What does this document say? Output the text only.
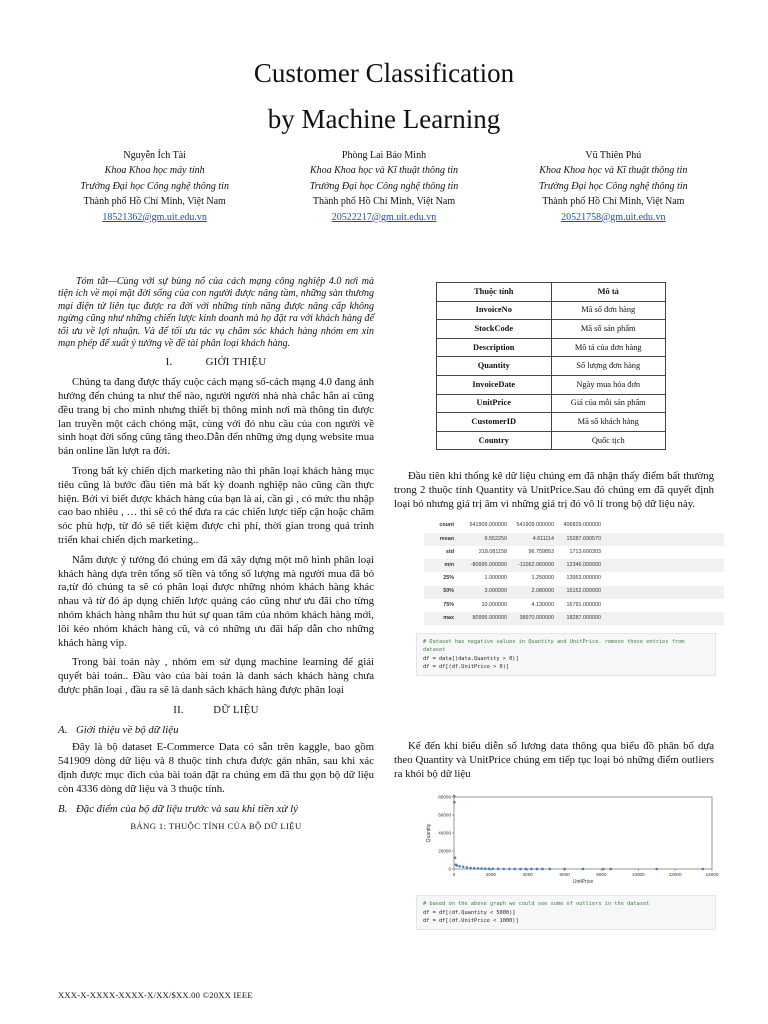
Customer Classification
by Machine Learning
Nguyễn Ích Tài
Khoa Khoa học máy tính
Trường Đại học Công nghệ thông tin
Thành phố Hồ Chí Minh, Việt Nam
18521362@gm.uit.edu.vn
Phòng Lai Bảo Minh
Khoa Khoa học và Kĩ thuật thông tin
Trường Đại học Công nghệ thông tin
Thành phố Hồ Chí Minh, Việt Nam
20522217@gm.uit.edu.vn
Vũ Thiên Phú
Khoa Khoa học và Kĩ thuật thông tin
Trường Đại học Công nghệ thông tin
Thành phố Hồ Chí Minh, Việt Nam
20521758@gm.uit.edu.vn

Tóm tắt—Cùng với sự bùng nổ của cách mạng công nghiệp 4.0 nơi mà tiện ích về mọi mặt đời sống của con người được nâng tầm, những sàn thương mại điện tử liên tục được ra đời với những tính năng được nâng cấp không ngừng cũng như những chiến lược kinh doanh mà họ đặt ra với khách hàng để tối ưu về lợi nhuận. Và để tối ưu tác vụ chăm sóc khách hàng nhóm em xin mạn phép để xuất ý tưởng về đề tài phân loại khách hàng.

I.	GIỚI THIỆU

Chúng ta đang được thấy cuộc cách mạng số-cách mạng 4.0 đang ảnh hưởng đến chúng ta như thế nào, người người nhà nhà chắc hẳn ai cũng đều trang bị cho mình nhưng thiết bị thông minh nơi mà thông tin được lan truyền một cách chóng mặt, cùng với đó nhu cầu của con người về sinh hoạt đời sống cũng tăng theo.Dẫn đến những ứng dụng website mua bán online lần lượt ra đời.

Trong bất kỳ chiến dịch marketing nào thì phân loại khách hàng mục tiêu cũng là bước đầu tiên mà bất kỳ doanh nghiệp nào cũng cần thực hiện. Bởi vì biết được khách hàng của bạn là ai, cần gì , có mức thu nhập cao bao nhiêu , … thì sẽ có thể đưa ra các chiến lược tiếp cận hoặc chăm sóc phù hợp, từ đó sẽ tiết kiệm được chi phí, thời gian trong quá trình triển khai chiến dịch marketing..

Nắm được ý tưởng đó chúng em đã xây dựng một mô hình phân loại khách hàng dựa trên tổng số tiền và tổng số lượng mà người mua đã bỏ ra,từ đó chúng ta sẽ có phân loại được những nhóm khách hàng khác nhau và từ đó áp dụng chiến lược quảng cáo cũng như ưu đãi cho từng nhóm khách hàng nhằm thu hút sự quan tâm của nhóm khách hàng mới, lôi kéo nhóm khách hàng cũ, và có những ưu đãi hấp dẫn cho những khách hàng vip.

Trong bài toán này , nhóm em sử dụng machine learning để giải quyết bài toán.. Đầu vào của bài toán là danh sách khách hàng chưa được phân loại , đầu ra sẽ là danh sách khách hàng được phân loại

II.	DỮ LIỆU
A. Giới thiệu về bộ dữ liệu

Đây là bộ dataset E-Commerce Data có sẵn trên kaggle, bao gồm 541909 dòng dữ liệu và 8 thuộc tính chưa được gán nhãn, sau khi xác định được mục đích của bài toán đặt ra chúng em đã thu gọn bộ dữ liệu còn 4336 dòng dữ liệu và 3 thuộc tính.

B. Đặc điểm của bộ dữ liệu trước và sau khi tiền xử lý
BẢNG 1: THUỘC TÍNH CỦA BỘ DỮ LIỆU
Thuộc tính	Mô tả
InvoiceNo	Mã số đơn hàng
StockCode	Mã số sản phẩm
Description	Mô tả của đơn hàng
Quantity	Số lượng đơn hàng
InvoiceDate	Ngày mua hóa đơn
UnitPrice	Giá của mỗi sản phẩm
CustomerID	Mã số khách hàng
Country	Quốc tịch

Đầu tiên khi thống kê dữ liệu chúng em đã nhận thấy điểm bất thường trong 2 thuộc tính Quantity và UnitPrice.Sau đó chúng em đã quyết định loại bỏ nhưng giá trị âm vì những giá trị đó vô lí trong bộ dữ liệu này.

count	541909.000000	541909.000000	406829.000000
mean	9.552250	4.611114	15287.690570
std	218.081158	96.759853	1713.600303
min	-80995.000000	-11062.060000	12346.000000
25%	1.000000	1.250000	13953.000000
50%	3.000000	2.080000	15152.000000
75%	10.000000	4.130000	16791.000000
max	80995.000000	38970.000000	18287.000000
# Dataset has negative values in Quantity and UnitPrice. remove those entries from dataset
df = data[(data.Quantity > 0)]
df = df[(df.UnitPrice > 0)]

Kế đến khi biểu diễn số lương data thông qua biểu đồ phân bố dựa theo Quantity và UnitPrice chúng em tiếp tục loại bỏ những điểm outliers ra khỏi bộ dữ liệu

0	2000	4000	6000	8000	10000	12000	14000
0
20000
40000
60000
80000
UnitPrice
Quantity
# based on the above graph we could see some of outliers in the dataset
df = df[(df.Quantity < 5000)]
df = df[(df.UnitPrice < 1000)]
XXX-X-XXXX-XXXX-X/XX/$XX.00 ©20XX IEEE
